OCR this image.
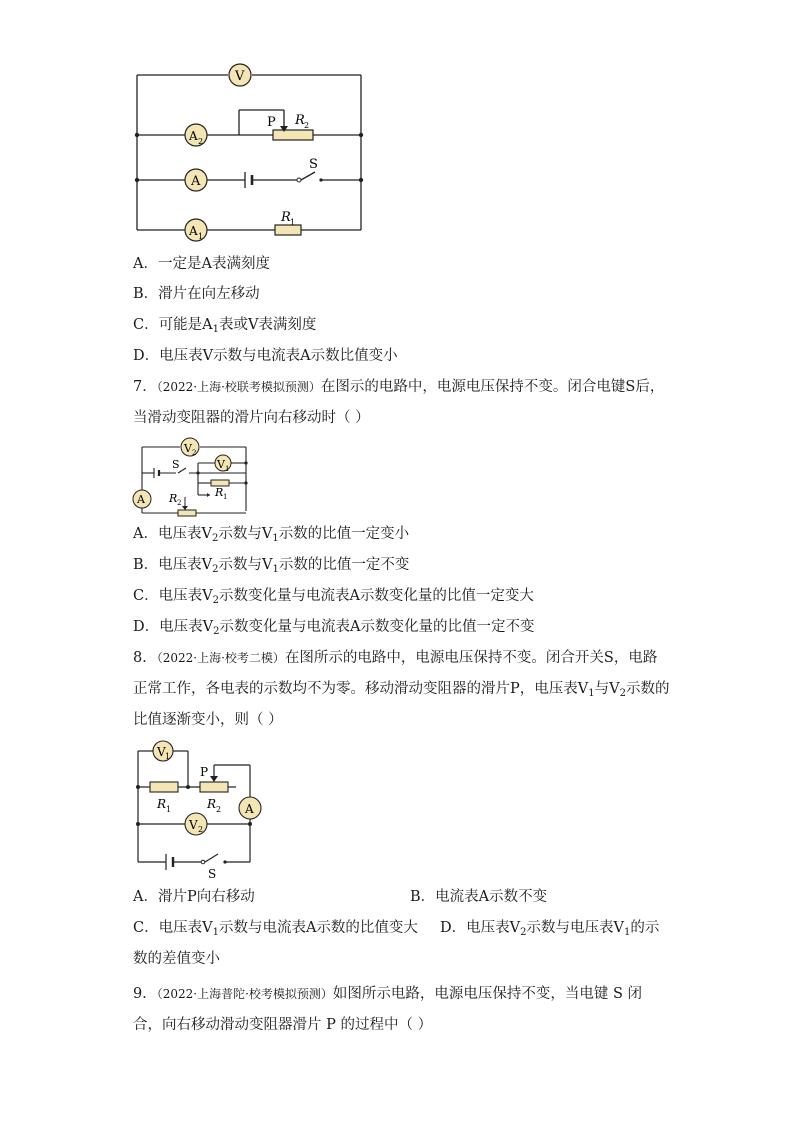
V
A 2
A
A 1
P R 2
R 1
S
A．一定是A表满刻度
B．滑片在向左移动
C．可能是$A_1$表或V表满刻度
D．电压表V示数与电流表A示数比值变小
7．（2022·上海·校联考模拟预测）在图示的电路中，电源电压保持不变。闭合电键S后，
当滑动变阻器的滑片向右移动时（ ）
V 2
V 1
A
S
R 2
R 1
A．电压表$V_2$示数与$V_1$示数的比值一定变小
B．电压表$V_2$示数与$V_1$示数的比值一定不变
C．电压表$V_2$示数变化量与电流表A示数变化量的比值一定变大
D．电压表$V_2$示数变化量与电流表A示数变化量的比值一定不变
8．（2022·上海·校考二模）在图所示的电路中，电源电压保持不变。闭合开关S，电路
正常工作，各电表的示数均不为零。移动滑动变阻器的滑片P，电压表$V_1$与$V_2$示数的
比值逐渐变小，则（ ）
V 1
V 2
A
P
R 1	R 2
S
A．滑片P向右移动	B．电流表A示数不变
C．电压表$V_1$示数与电流表A示数的比值变大 D．电压表$V_2$示数与电压表$V_1$的示
数的差值变小
9．（2022·上海普陀·校考模拟预测）如图所示电路，电源电压保持不变，当电键 S 闭
合，向右移动滑动变阻器滑片 P 的过程中（ ）
